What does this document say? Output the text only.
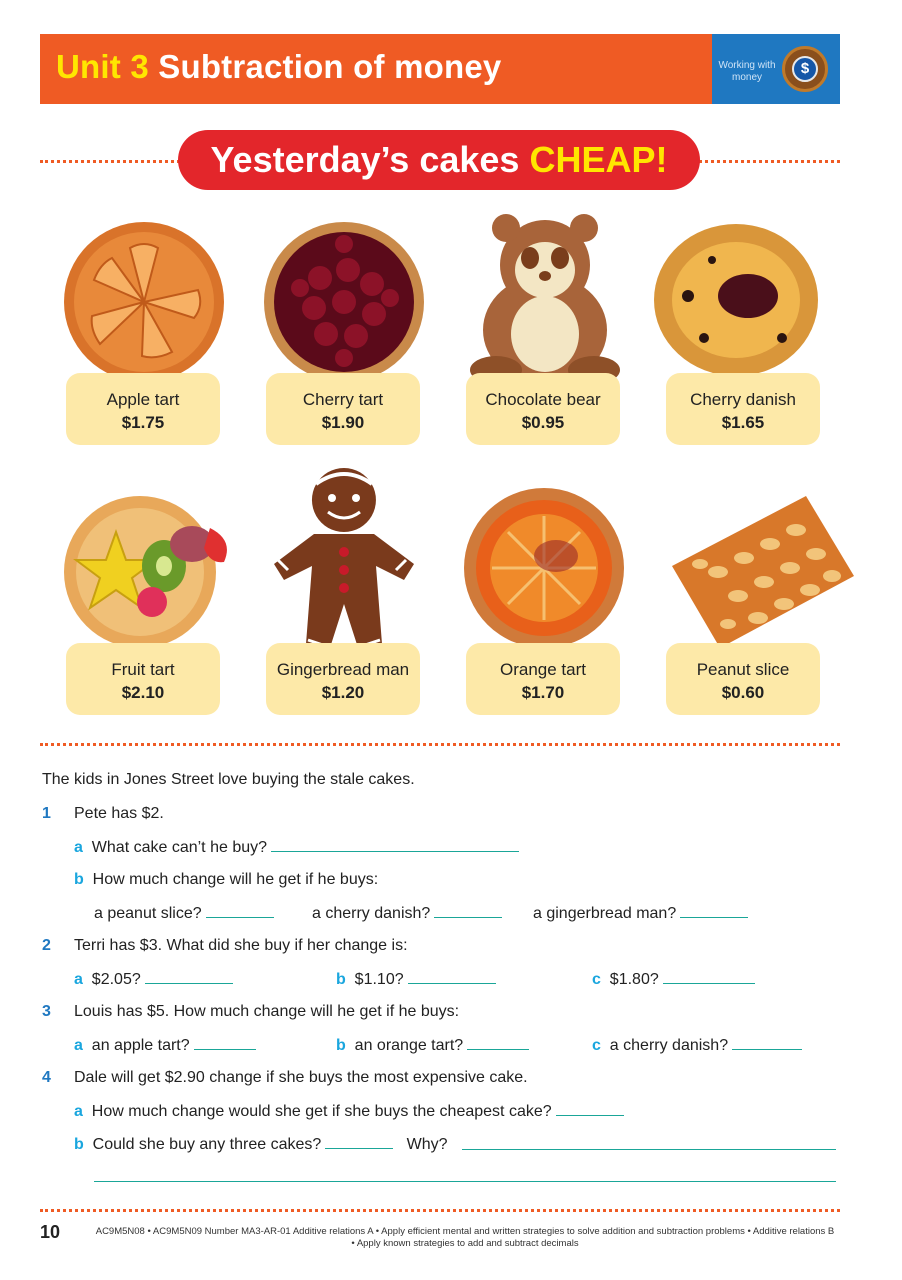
Unit 3 Subtraction of money	Working with money
$
Yesterday’s cakes CHEAP!
Apple tart
$1.75
Cherry tart
$1.90
Chocolate bear
$0.95
Cherry danish
$1.65
Fruit tart
$2.10
Gingerbread man
$1.20
Orange tart
$1.70
Peanut slice
$0.60
The kids in Jones Street love buying the stale cakes.
1 Pete has $2.
a What cake can’t he buy?
b How much change will he get if he buys:
a peanut slice?	a cherry danish?	a gingerbread man?
2 Terri has $3. What did she buy if her change is:
a $2.05?	b $1.10?	c $1.80?
3 Louis has $5. How much change will he get if he buys:
a an apple tart?	b an orange tart?	c a cherry danish?
4 Dale will get $2.90 change if she buys the most expensive cake.
a How much change would she get if she buys the cheapest cake?
b Could she buy any three cakes?	Why?
10	AC9M5N08 • AC9M5N09 Number MA3-AR-01 Additive relations A • Apply efficient mental and written strategies to solve addition and subtraction problems • Additive relations B
• Apply known strategies to add and subtract decimals
